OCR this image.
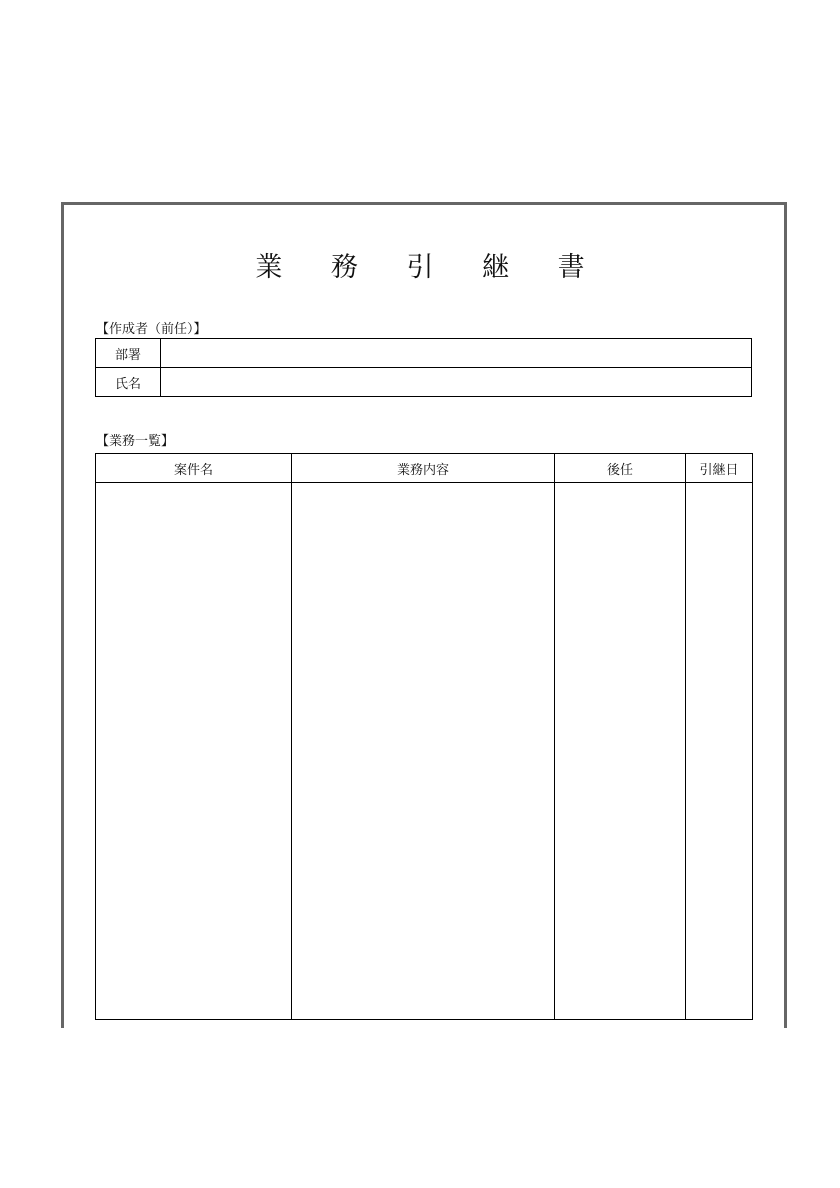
業 務 引 継 書
【作成者（前任）】
部署	
氏名	
【業務一覧】
案件名	業務内容	後任	引継日
